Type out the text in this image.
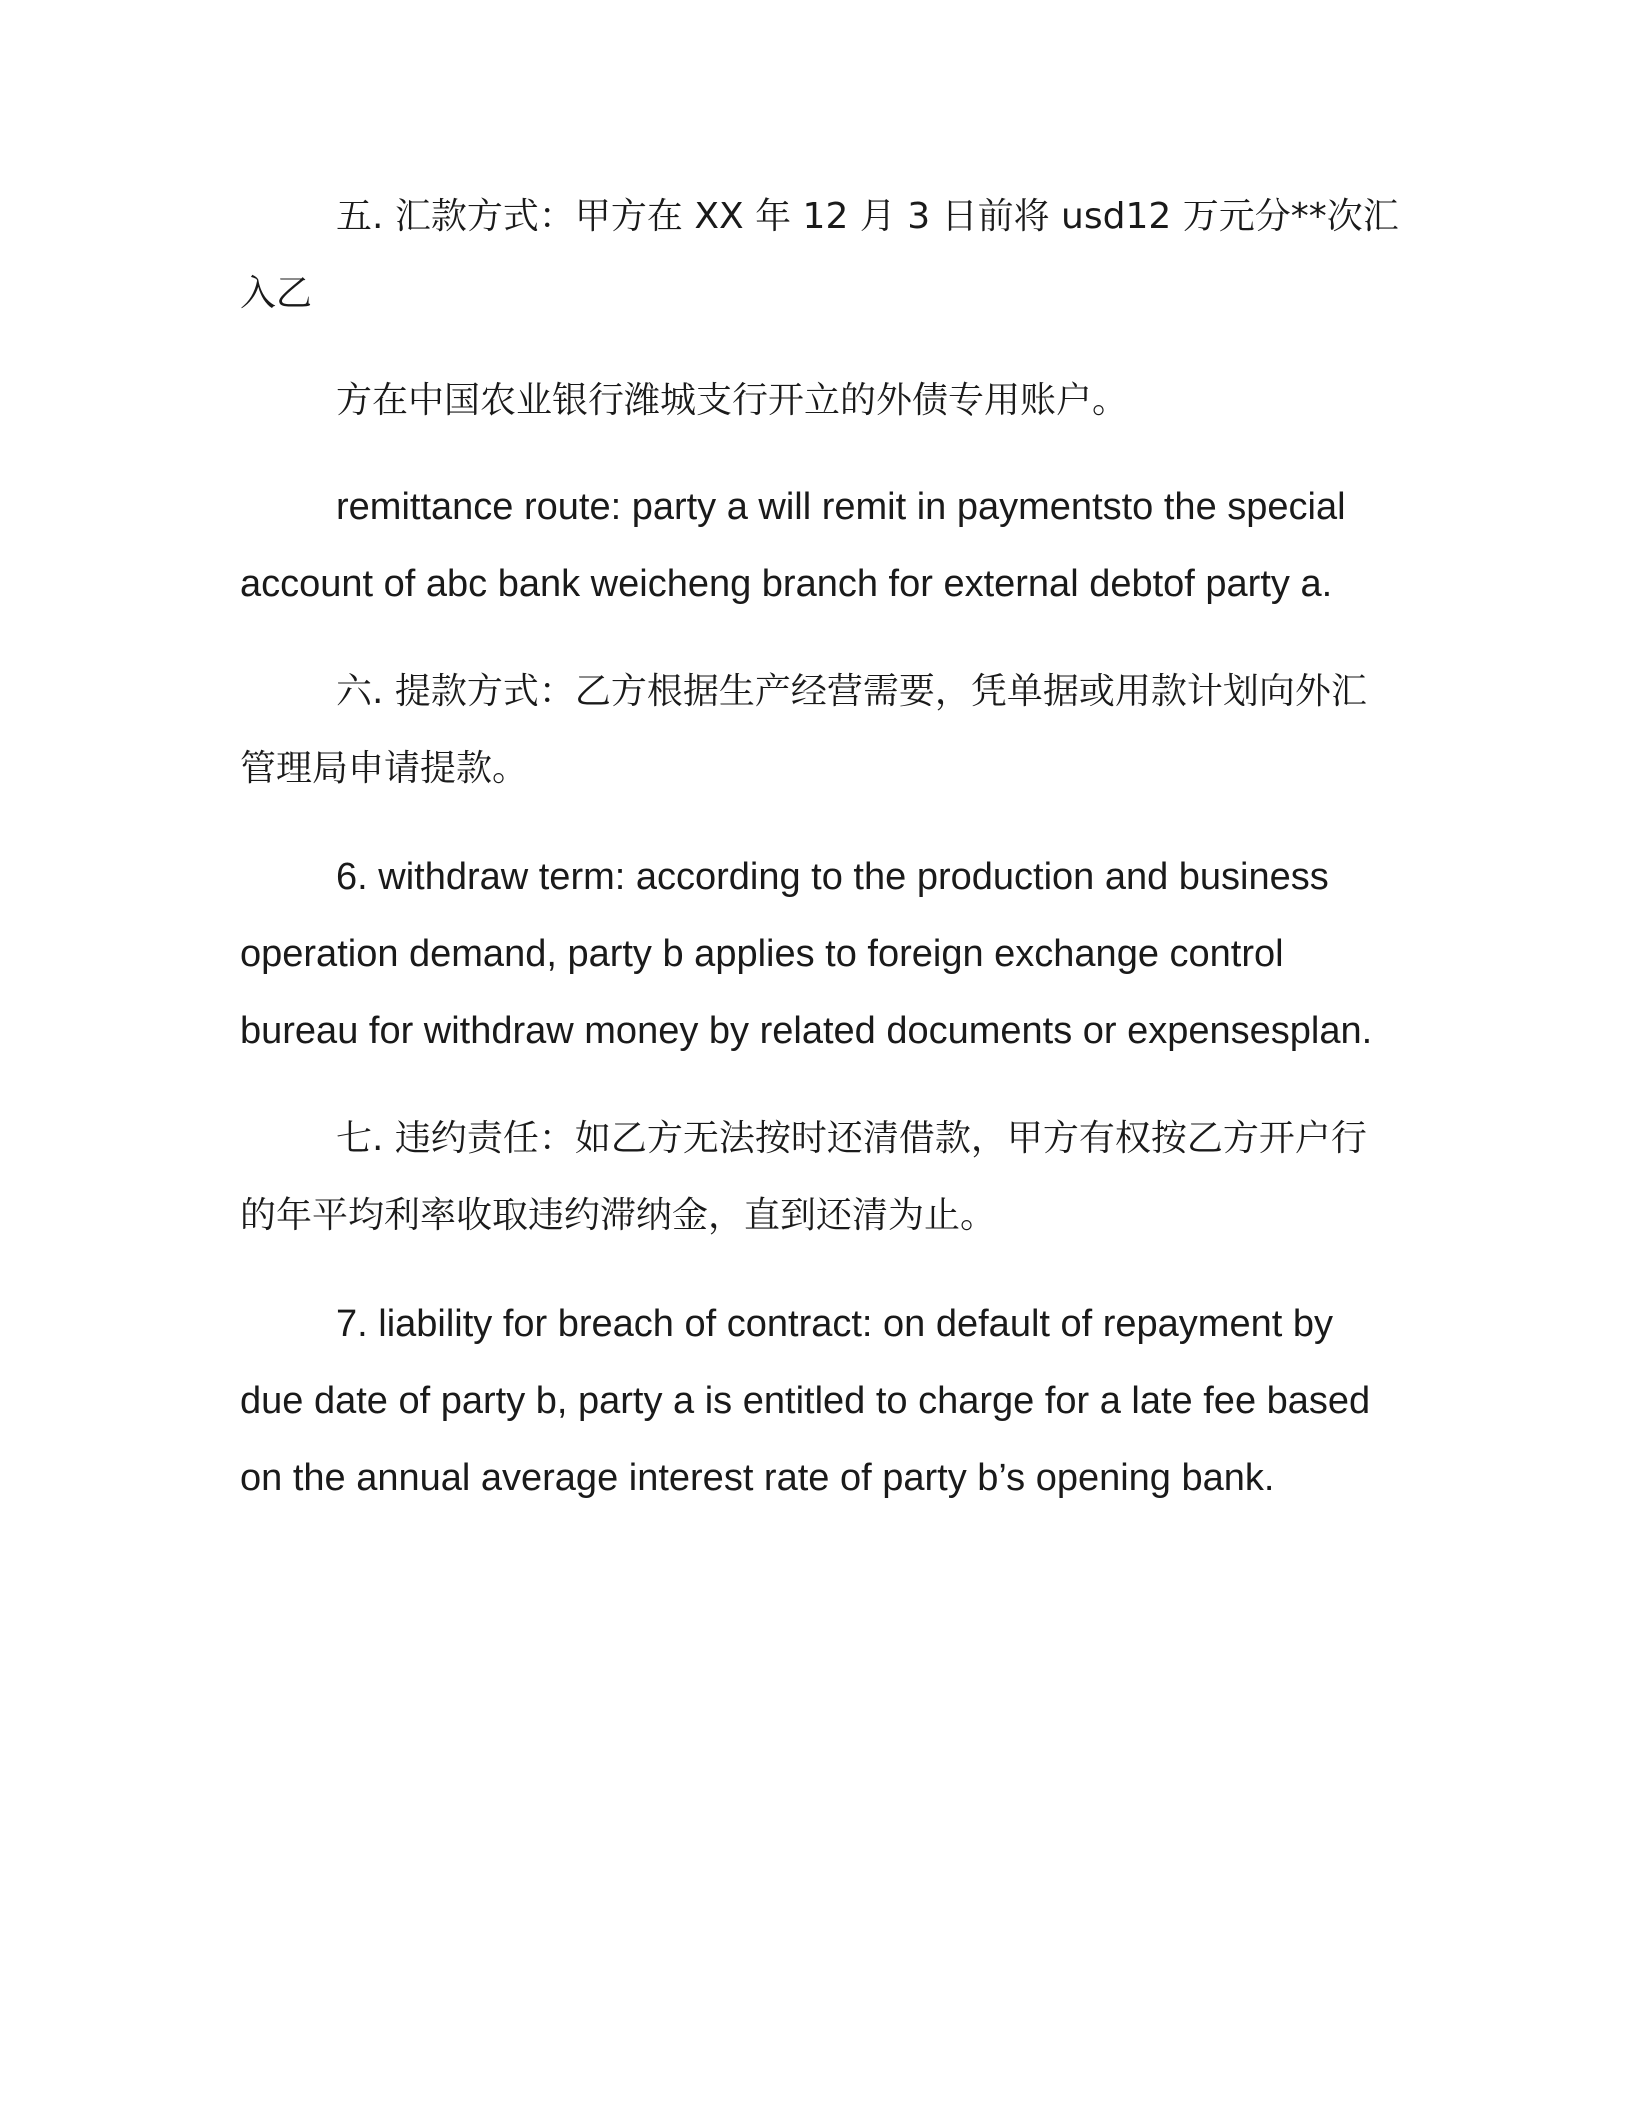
五. 汇款方式：甲方在 XX 年 12 月 3 日前将 usd12 万元分**次汇入乙

方在中国农业银行潍城支行开立的外债专用账户。

remittance route: party a will remit in paymentsto the special account of abc bank weicheng branch for external debtof party a.

六. 提款方式：乙方根据生产经营需要，凭单据或用款计划向外汇管理局申请提款。

6. withdraw term: according to the production and business operation demand, party b applies to foreign exchange control bureau for withdraw money by related documents or expensesplan.

七. 违约责任：如乙方无法按时还清借款，甲方有权按乙方开户行的年平均利率收取违约滞纳金，直到还清为止。

7. liability for breach of contract: on default of repayment by due date of party b, party a is entitled to charge for a late fee based on the annual average interest rate of party b’s opening bank.
